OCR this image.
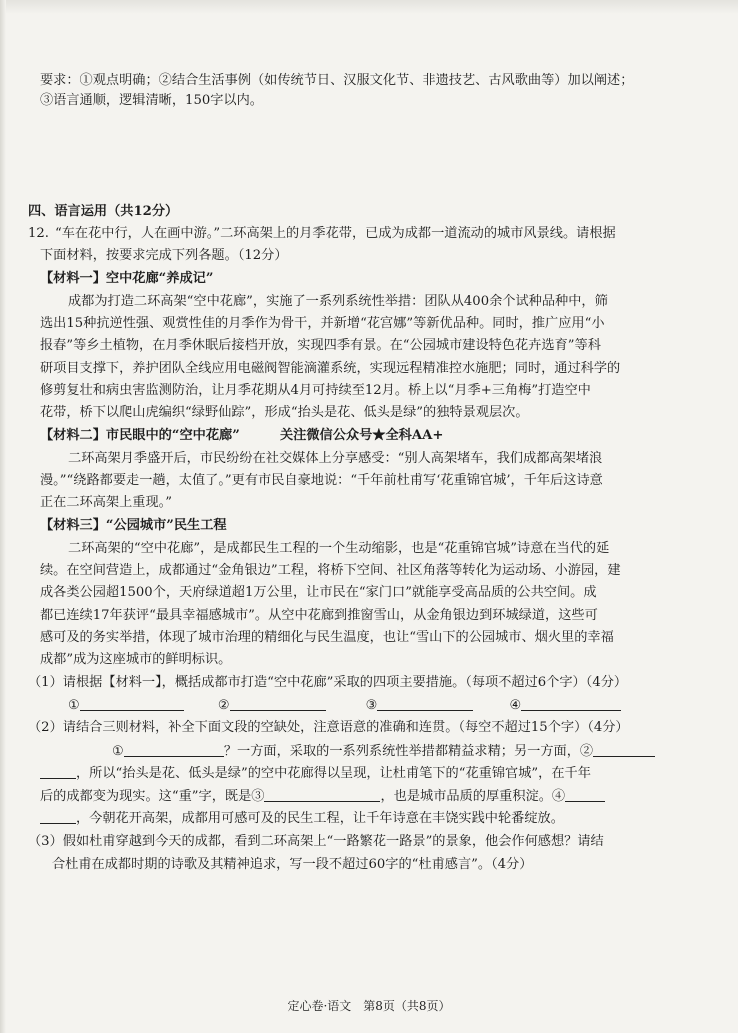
要求：①观点明确；②结合生活事例（如传统节日、汉服文化节、非遗技艺、古风歌曲等）加以阐述；
③语言通顺，逻辑清晰，150字以内。
四、语言运用（共12分）
12. “车在花中行，人在画中游。”二环高架上的月季花带，已成为成都一道流动的城市风景线。请根据
下面材料，按要求完成下列各题。（12分）
【材料一】空中花廊“养成记”
成都为打造二环高架“空中花廊”，实施了一系列系统性举措：团队从400余个试种品种中，筛
选出15种抗逆性强、观赏性佳的月季作为骨干，并新增“花宫娜”等新优品种。同时，推广应用“小
报春”等乡土植物，在月季休眠后接档开放，实现四季有景。在“公园城市建设特色花卉选育”等科
研项目支撑下，养护团队全线应用电磁阀智能滴灌系统，实现远程精准控水施肥；同时，通过科学的
修剪复壮和病虫害监测防治，让月季花期从4月可持续至12月。桥上以“月季+三角梅”打造空中
花带，桥下以爬山虎编织“绿野仙踪”，形成“抬头是花、低头是绿”的独特景观层次。
【材料二】市民眼中的“空中花廊”	关注微信公众号★全科AA+
二环高架月季盛开后，市民纷纷在社交媒体上分享感受：“别人高架堵车，我们成都高架堵浪
漫。”“绕路都要走一趟，太值了。”更有市民自豪地说：“千年前杜甫写‘花重锦官城’，千年后这诗意
正在二环高架上重现。”
【材料三】“公园城市”民生工程
二环高架的“空中花廊”，是成都民生工程的一个生动缩影，也是“花重锦官城”诗意在当代的延
续。在空间营造上，成都通过“金角银边”工程，将桥下空间、社区角落等转化为运动场、小游园，建
成各类公园超1500个，天府绿道超1万公里，让市民在“家门口”就能享受高品质的公共空间。成
都已连续17年获评“最具幸福感城市”。从空中花廊到推窗雪山，从金角银边到环城绿道，这些可
感可及的务实举措，体现了城市治理的精细化与民生温度，也让“雪山下的公园城市、烟火里的幸福
成都”成为这座城市的鲜明标识。
（1）请根据【材料一】，概括成都市打造“空中花廊”采取的四项主要措施。（每项不超过6个字）（4分）
①	②	③	④
（2）请结合三则材料，补全下面文段的空缺处，注意语意的准确和连贯。（每空不超过15个字）（4分）
①	？一方面，采取的一系列系统性举措都精益求精；另一方面，②
，所以“抬头是花、低头是绿”的空中花廊得以呈现，让杜甫笔下的“花重锦官城”，在千年
后的成都变为现实。这“重”字，既是③	，也是城市品质的厚重积淀。④
，今朝花开高架，成都用可感可及的民生工程，让千年诗意在丰饶实践中轮番绽放。
（3）假如杜甫穿越到今天的成都，看到二环高架上“一路繁花一路景”的景象，他会作何感想？请结
合杜甫在成都时期的诗歌及其精神追求，写一段不超过60字的“杜甫感言”。（4分）
定心卷·语文　第8页（共8页）
